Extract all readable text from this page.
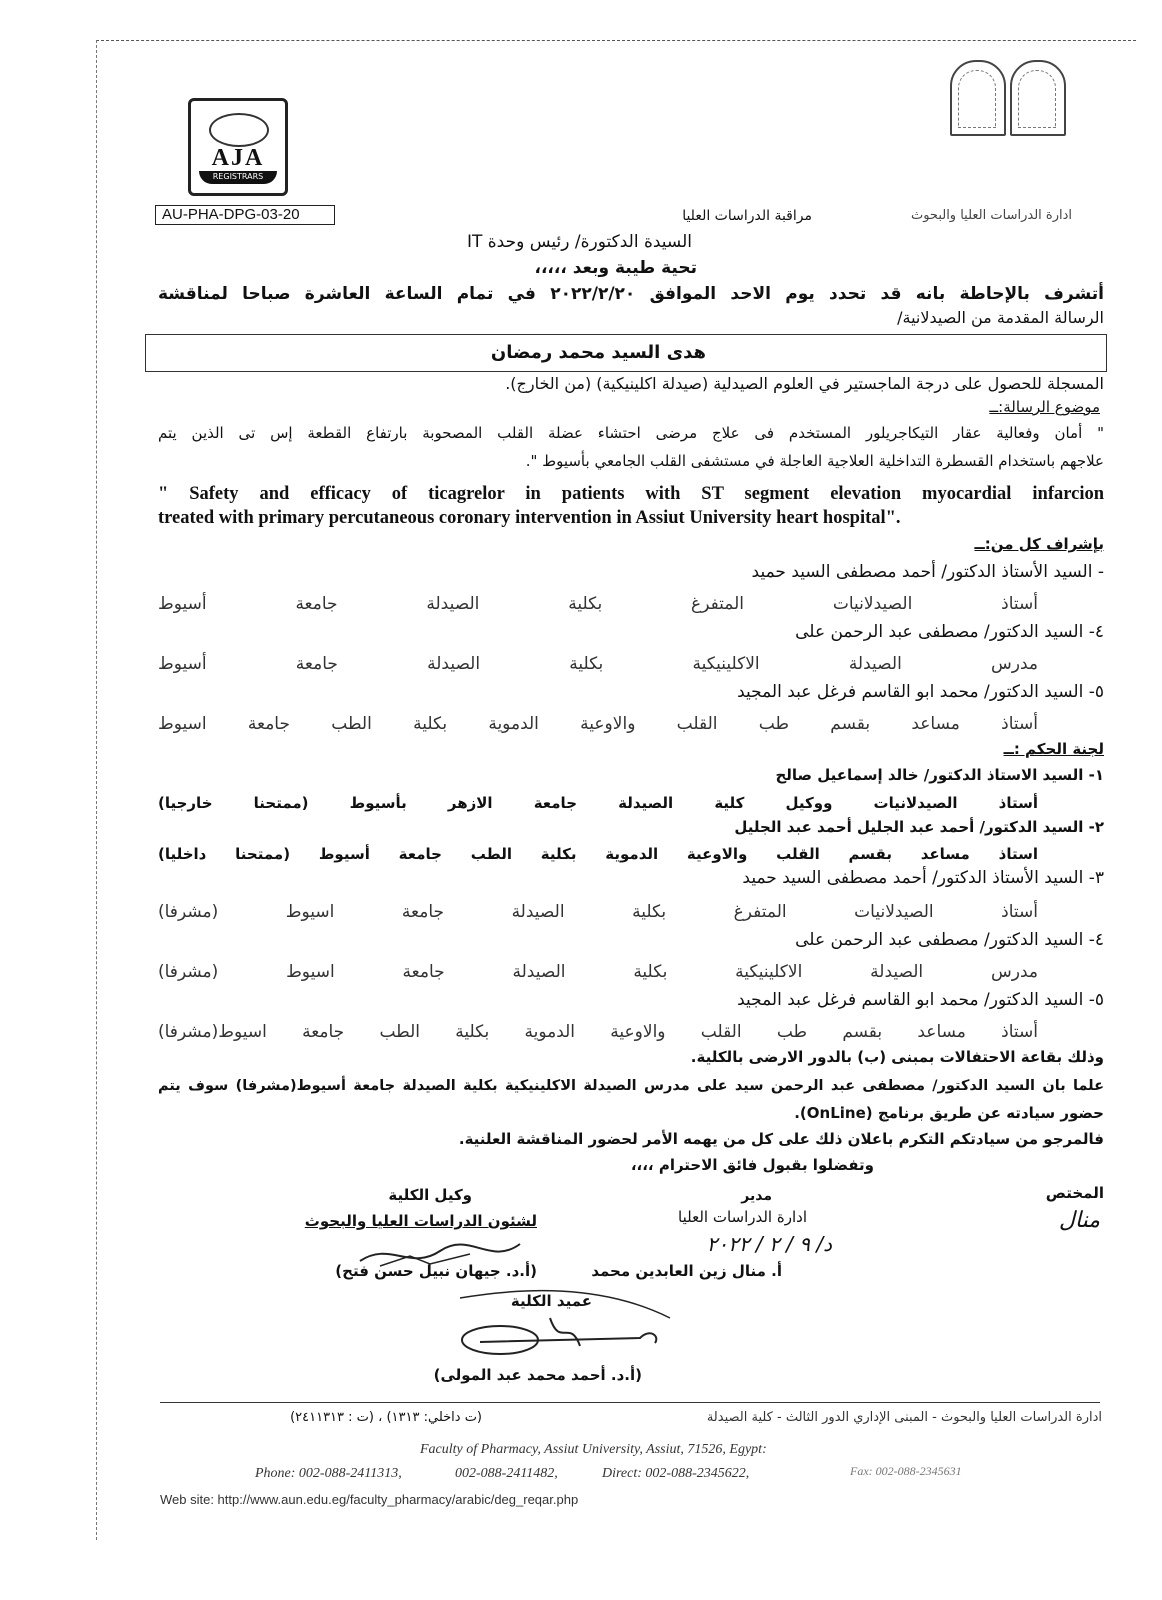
AJA
REGISTRARS
AU-PHA-DPG-03-20	ادارة الدراسات العليا والبحوث
مراقبة الدراسات العليا
السيدة الدكتورة/ رئيس وحدة IT
تحية طيبة وبعد ،،،،،
أتشرف بالإحاطة بانه قد تحدد يوم الاحد الموافق ٢٠٢٢/٢/٢٠ في تمام الساعة العاشرة صباحا لمناقشة
الرسالة المقدمة من الصيدلانية/
هدى السيد محمد رمضان
المسجلة للحصول على درجة الماجستير في العلوم الصيدلية (صيدلة اكلينيكية) (من الخارج).
موضوع الرسالة:ــ
" أمان وفعالية عقار التيكاجريلور المستخدم فى علاج مرضى احتشاء عضلة القلب المصحوبة بارتفاع القطعة إس تى الذين يتم
علاجهم باستخدام القسطرة التداخلية العلاجية العاجلة في مستشفى القلب الجامعي بأسيوط ".
" Safety and efficacy of ticagrelor in patients with ST segment elevation myocardial infarcion
treated with primary percutaneous coronary intervention in Assiut University heart hospital".
بإشراف كل من:ــ
- السيد الأستاذ الدكتور/ أحمد مصطفى السيد حميد
أستاذ الصيدلانيات المتفرغ بكلية الصيدلة جامعة أسيوط
٤- السيد الدكتور/ مصطفى عبد الرحمن على
مدرس الصيدلة الاكلينيكية بكلية الصيدلة جامعة أسيوط
٥- السيد الدكتور/ محمد ابو القاسم فرغل عبد المجيد
أستاذ مساعد بقسم طب القلب والاوعية الدموية بكلية الطب جامعة اسيوط
لجنة الحكم :ــ
١- السيد الاستاذ الدكتور/ خالد إسماعيل صالح
أستاذ الصيدلانيات ووكيل كلية الصيدلة جامعة الازهر بأسيوط (ممتحنا خارجيا)
٢- السيد الدكتور/ أحمد عبد الجليل أحمد عبد الجليل
استاذ مساعد بقسم القلب والاوعية الدموية بكلية الطب جامعة أسيوط (ممتحنا داخليا)
٣- السيد الأستاذ الدكتور/ أحمد مصطفى السيد حميد
أستاذ الصيدلانيات المتفرغ بكلية الصيدلة جامعة اسيوط (مشرفا)
٤- السيد الدكتور/ مصطفى عبد الرحمن على
مدرس الصيدلة الاكلينيكية بكلية الصيدلة جامعة اسيوط (مشرفا)
٥- السيد الدكتور/ محمد ابو القاسم فرغل عبد المجيد
أستاذ مساعد بقسم طب القلب والاوعية الدموية بكلية الطب جامعة اسيوط(مشرفا)
وذلك بقاعة الاحتفالات بمبنى (ب) بالدور الارضى بالكلية.
علما بان السيد الدكتور/ مصطفى عبد الرحمن سيد على مدرس الصيدلة الاكلينيكية بكلية الصيدلة جامعة أسيوط(مشرفا) سوف يتم
حضور سيادته عن طريق برنامج (OnLine).
فالمرجو من سيادتكم التكرم باعلان ذلك على كل من يهمه الأمر لحضور المناقشة العلنية.
وتفضلوا بقبول فائق الاحترام ،،،،
المختص
منال
مدير
ادارة الدراسات العليا
د/ ٩ / ٢ / ٢٠٢٢
أ. منال زين العابدين محمد
وكيل الكلية
لشئون الدراسات العليا والبحوث
(أ.د. جيهان نبيل حسن فتح)
عميد الكلية
(أ.د. أحمد محمد عبد المولى)
ادارة الدراسات العليا والبحوث - المبنى الإداري الدور الثالث - كلية الصيدلة
(ت داخلي: ١٣١٣) ، (ت : ٢٤١١٣١٣)
Faculty of Pharmacy, Assiut University, Assiut, 71526, Egypt:
Phone: 002-088-2411313,	002-088-2411482,	Direct: 002-088-2345622,	Fax: 002-088-2345631
Web site: http://www.aun.edu.eg/faculty_pharmacy/arabic/deg_reqar.php
